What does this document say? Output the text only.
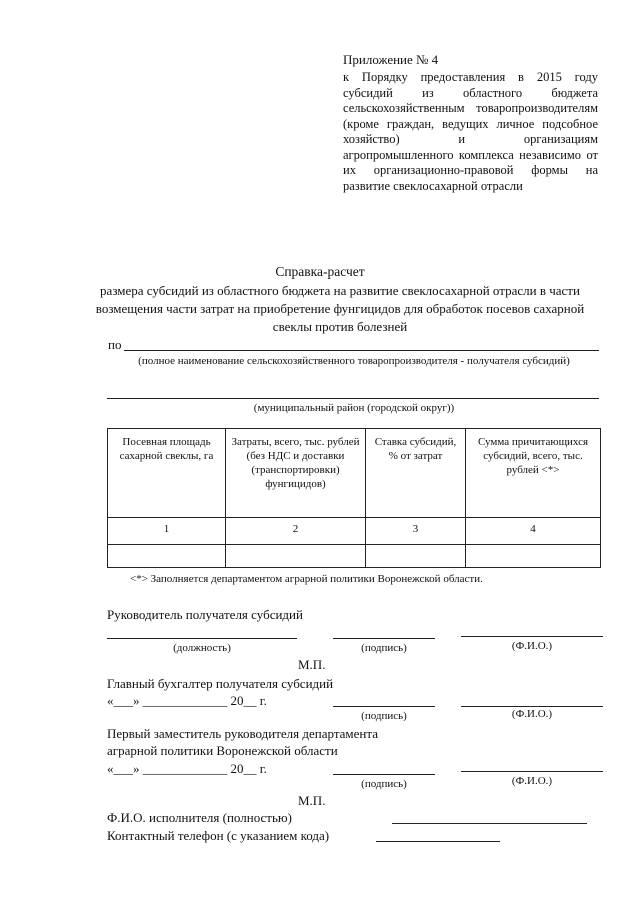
Приложение № 4
к Порядку предоставления в 2015 году субсидий из областного бюджета сельскохозяйственным товаропроизводителям (кроме граждан, ведущих личное подсобное хозяйство) и организациям агропромышленного комплекса независимо от их организационно-правовой формы на развитие свеклосахарной отрасли
Справка-расчет
размера субсидий из областного бюджета на развитие свеклосахарной отрасли в части возмещения части затрат на приобретение фунгицидов для обработок посевов сахарной свеклы против болезней
по
(полное наименование сельскохозяйственного товаропроизводителя - получателя субсидий)
(муниципальный район (городской округ))
Посевная площадь сахарной свеклы, га	Затраты, всего, тыс. рублей (без НДС и доставки (транспортировки) фунгицидов)	Ставка субсидий, % от затрат	Сумма причитающихся субсидий, всего, тыс. рублей <*>
1	2	3	4

<*> Заполняется департаментом аграрной политики Воронежской области.
Руководитель получателя субсидий
(должность)	(подпись)	(Ф.И.О.)
М.П.
Главный бухгалтер получателя субсидий
«___» _____________ 20__ г.
(подпись)	(Ф.И.О.)
Первый заместитель руководителя департамента
аграрной политики Воронежской области
«___» _____________ 20__ г.
(подпись)	(Ф.И.О.)
М.П.
Ф.И.О. исполнителя (полностью)
Контактный телефон (с указанием кода)
